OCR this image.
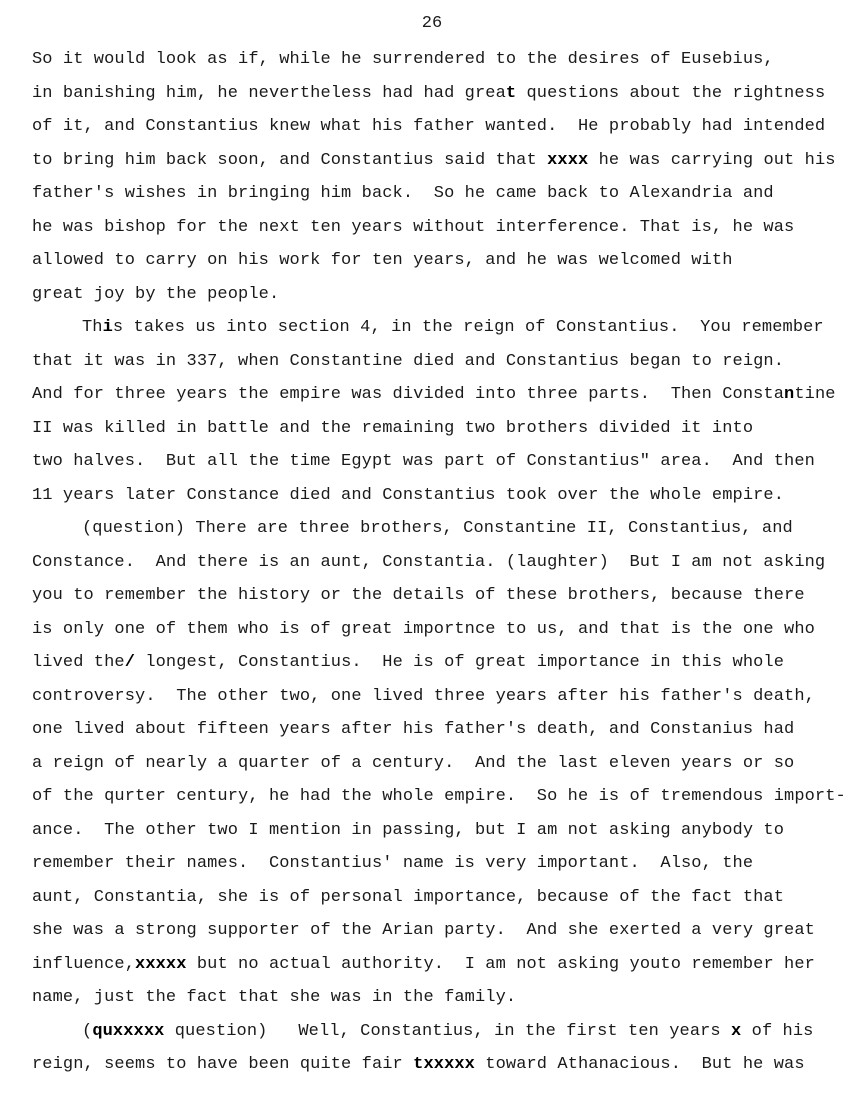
26
So it would look as if, while he surrendered to the desires of Eusebius,
in banishing him, he nevertheless had had great questions about the rightness
of it, and Constantius knew what his father wanted.  He probably had intended
to bring him back soon, and Constantius said that xxxx he was carrying out his
father's wishes in bringing him back.  So he came back to Alexandria and
he was bishop for the next ten years without interference. That is, he was
allowed to carry on his work for ten years, and he was welcomed with
great joy by the people.
This takes us into section 4, in the reign of Constantius.  You remember
that it was in 337, when Constantine died and Constantius began to reign.
And for three years the empire was divided into three parts.  Then Constantine
II was killed in battle and the remaining two brothers divided it into
two halves.  But all the time Egypt was part of Constantius" area.  And then
11 years later Constance died and Constantius took over the whole empire.
(question) There are three brothers, Constantine II, Constantius, and
Constance.  And there is an aunt, Constantia. (laughter)  But I am not asking
you to remember the history or the details of these brothers, because there
is only one of them who is of great importnce to us, and that is the one who
lived the/ longest, Constantius.  He is of great importance in this whole
controversy.  The other two, one lived three years after his father's death,
one lived about fifteen years after his father's death, and Constanius had
a reign of nearly a quarter of a century.  And the last eleven years or so
of the qurter century, he had the whole empire.  So he is of tremendous import-
ance.  The other two I mention in passing, but I am not asking anybody to
remember their names.  Constantius' name is very important.  Also, the
aunt, Constantia, she is of personal importance, because of the fact that
she was a strong supporter of the Arian party.  And she exerted a very great
influence,xxxxx but no actual authority.  I am not asking youto remember her
name, just the fact that she was in the family.
(quxxxxx question)   Well, Constantius, in the first ten years x of his
reign, seems to have been quite fair txxxxx toward Athanacious.  But he was
